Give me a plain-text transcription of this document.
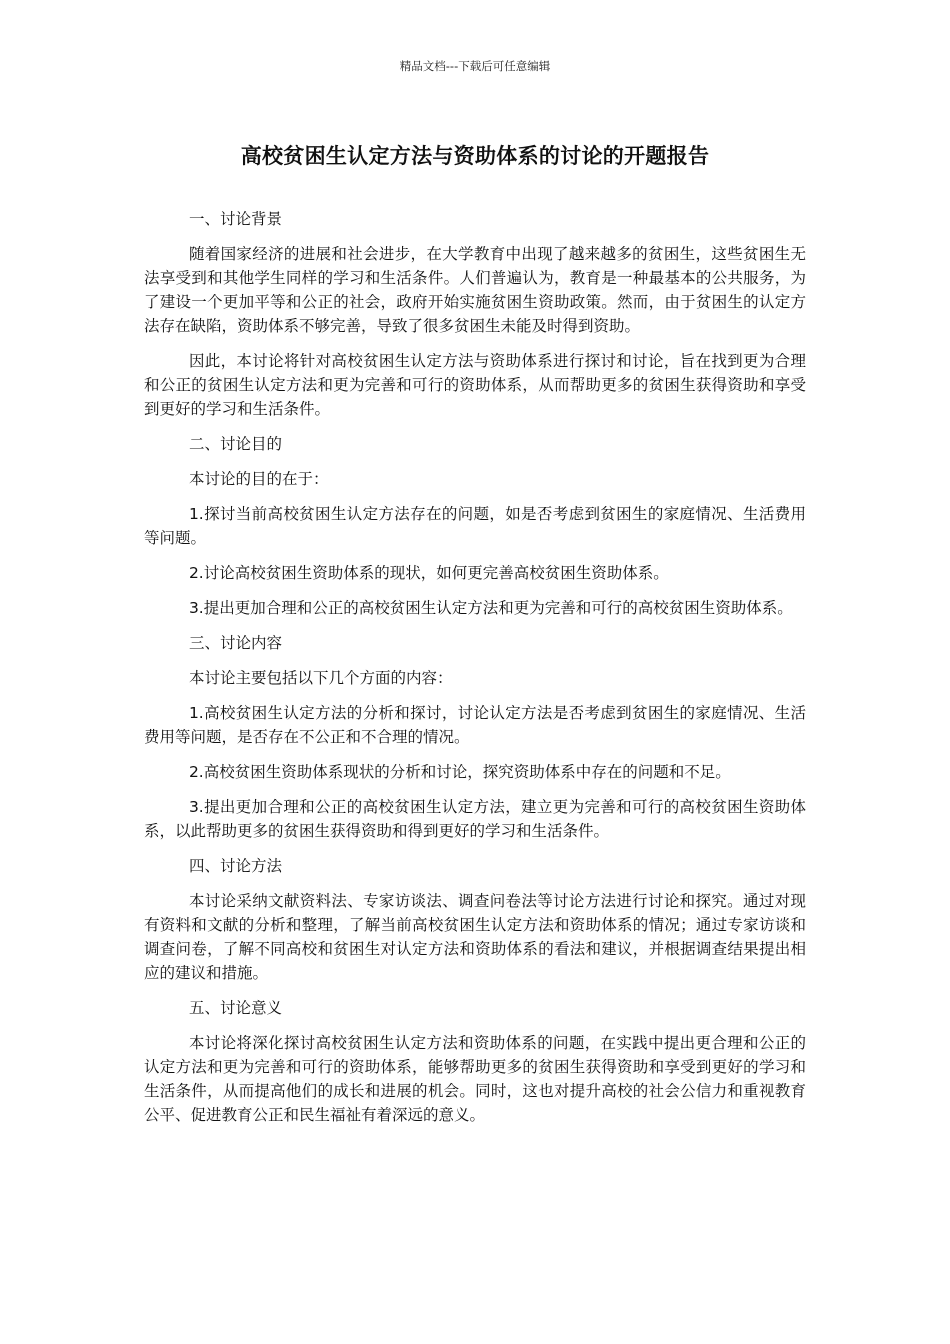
精品文档---下载后可任意编辑
高校贫困生认定方法与资助体系的讨论的开题报告

一、讨论背景

随着国家经济的进展和社会进步，在大学教育中出现了越来越多的贫困生，这些贫困生无法享受到和其他学生同样的学习和生活条件。人们普遍认为，教育是一种最基本的公共服务，为了建设一个更加平等和公正的社会，政府开始实施贫困生资助政策。然而，由于贫困生的认定方法存在缺陷，资助体系不够完善，导致了很多贫困生未能及时得到资助。

因此，本讨论将针对高校贫困生认定方法与资助体系进行探讨和讨论，旨在找到更为合理和公正的贫困生认定方法和更为完善和可行的资助体系，从而帮助更多的贫困生获得资助和享受到更好的学习和生活条件。

二、讨论目的

本讨论的目的在于：

1.探讨当前高校贫困生认定方法存在的问题，如是否考虑到贫困生的家庭情况、生活费用等问题。

2.讨论高校贫困生资助体系的现状，如何更完善高校贫困生资助体系。

3.提出更加合理和公正的高校贫困生认定方法和更为完善和可行的高校贫困生资助体系。

三、讨论内容

本讨论主要包括以下几个方面的内容：

1.高校贫困生认定方法的分析和探讨，讨论认定方法是否考虑到贫困生的家庭情况、生活费用等问题，是否存在不公正和不合理的情况。

2.高校贫困生资助体系现状的分析和讨论，探究资助体系中存在的问题和不足。

3.提出更加合理和公正的高校贫困生认定方法，建立更为完善和可行的高校贫困生资助体系，以此帮助更多的贫困生获得资助和得到更好的学习和生活条件。

四、讨论方法

本讨论采纳文献资料法、专家访谈法、调查问卷法等讨论方法进行讨论和探究。通过对现有资料和文献的分析和整理，了解当前高校贫困生认定方法和资助体系的情况；通过专家访谈和调查问卷，了解不同高校和贫困生对认定方法和资助体系的看法和建议，并根据调查结果提出相应的建议和措施。

五、讨论意义

本讨论将深化探讨高校贫困生认定方法和资助体系的问题，在实践中提出更合理和公正的认定方法和更为完善和可行的资助体系，能够帮助更多的贫困生获得资助和享受到更好的学习和生活条件，从而提高他们的成长和进展的机会。同时，这也对提升高校的社会公信力和重视教育公平、促进教育公正和民生福祉有着深远的意义。
